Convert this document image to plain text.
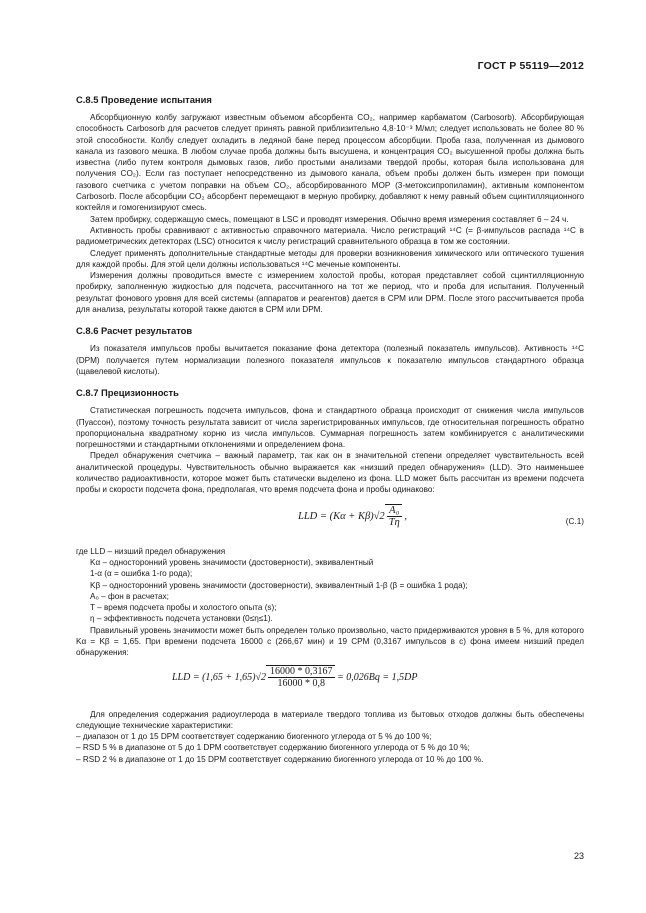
ГОСТ Р 55119—2012
С.8.5 Проведение испытания

Абсорбционную колбу загружают известным объемом абсорбента CO₂, например карбаматом (Carbosorb). Абсорбирующая способность Carbosorb для расчетов следует принять равной приблизительно 4,8·10⁻³ М/мл; следует использовать не более 80 % этой способности. Колбу следует охладить в ледяной бане перед процессом абсорбции. Проба газа, полученная из дымового канала из газового мешка. В любом случае проба должны быть высушена, и концентрация CO₂ высушенной пробы должна быть известна (либо путем контроля дымовых газов, либо простыми анализами твердой пробы, которая была использована для получения CO₂). Если газ поступает непосредственно из дымового канала, объем пробы должен быть измерен при помощи газового счетчика с учетом поправки на объем CO₂, абсорбированного МОР (3-метоксипропиламин), активным компонентом Carbosorb. После абсорбции CO₂ абсорбент перемещают в мерную пробирку, добавляют к нему равный объем сцинтилляционного коктейля и гомогенизируют смесь.

Затем пробирку, содержащую смесь, помещают в LSC и проводят измерения. Обычно время измерения составляет 6 – 24 ч.

Активность пробы сравнивают с активностью справочного материала. Число регистраций ¹⁴C (= β-импульсов распада ¹⁴C в радиометрических детекторах (LSC) относится к числу регистраций сравнительного образца в том же состоянии.

Следует применять дополнительные стандартные методы для проверки возникновения химического или оптического тушения для каждой пробы. Для этой цели должны использоваться ¹⁴C меченые компоненты.

Измерения должны проводиться вместе с измерением холостой пробы, которая представляет собой сцинтилляционную пробирку, заполненную жидкостью для подсчета, рассчитанного на тот же период, что и проба для испытания. Полученный результат фонового уровня для всей системы (аппаратов и реагентов) дается в CPM или DPM. После этого рассчитывается проба для анализа, результаты которой также даются в CPM или DPM.

С.8.6 Расчет результатов

Из показателя импульсов пробы вычитается показание фона детектора (полезный показатель импульсов). Активность ¹⁴C (DPM) получается путем нормализации полезного показателя импульсов к показателю импульсов стандартного образца (щавелевой кислоты).

С.8.7 Прецизионность

Статистическая погрешность подсчета импульсов, фона и стандартного образца происходит от снижения числа импульсов (Пуассон), поэтому точность результата зависит от числа зарегистрированных импульсов, где относительная погрешность обратно пропорциональна квадратному корню из числа импульсов. Суммарная погрешность затем комбинируется с аналитическими погрешностями и стандартными отклонениями и определением фона.

Предел обнаружения счетчика – важный параметр, так как он в значительной степени определяет чувствительность всей аналитической процедуры. Чувствительность обычно выражается как «низший предел обнаружения» (LLD). Это наименьшее количество радиоактивности, которое может быть статически выделено из фона. LLD может быть рассчитан из времени подсчета пробы и скорости подсчета фона, предполагая, что время подсчета фона и пробы одинаково:

LLD = $(K\alpha + K\beta)√2 \frac{\text{A₀}}{T\eta}$ ,	(С.1)

где LLD – низший предел обнаружения

Kα – односторонний уровень значимости (достоверности), эквивалентный

1-α (α = ошибка 1-го рода);

Kβ – односторонний уровень значимости (достоверности), эквивалентный 1-β (β = ошибка 1 рода);

A₀ – фон в расчетах;

T – время подсчета пробы и холостого опыта (s);

η – эффективность подсчета установки (0≤η≤1).

Правильный уровень значимости может быть определен только произвольно, часто придерживаются уровня в 5 %, для которого Kα = Kβ = 1,65. При времени подсчета 16000 с (266,67 мин) и 19 CPM (0,3167 импульсов в с) фона имеем низший предел обнаружения:

LLD = $(1,65 + 1,65)√2 \frac{16000 * 0,3167}{16000 * 0,8} = 0,026Bq = 1,5DP$

Для определения содержания радиоуглерода в материале твердого топлива из бытовых отходов должны быть обеспечены следующие технические характеристики:

– диапазон от 1 до 15 DPM соответствует содержанию биогенного углерода от 5 % до 100 %;

– RSD 5 % в диапазоне от 5 до 1 DPM соответствует содержанию биогенного углерода от 5 % до 10 %;

– RSD 2 % в диапазоне от 1 до 15 DPM соответствует содержанию биогенного углерода от 10 % до 100 %.

23
